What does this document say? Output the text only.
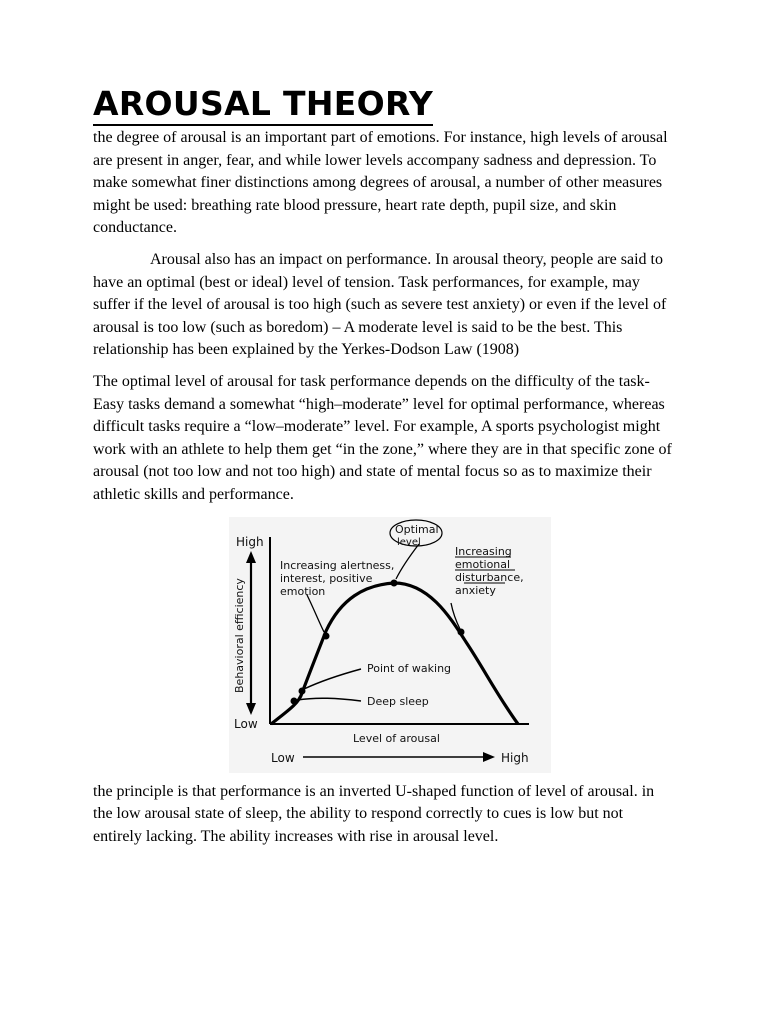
AROUSAL THEORY

the degree of arousal is an important part of emotions. For instance, high levels of arousal are present in anger, fear, and while lower levels accompany sadness and depression. To make somewhat finer distinctions among degrees of arousal, a number of other measures might be used: breathing rate blood pressure, heart rate depth, pupil size, and skin conductance.

Arousal also has an impact on performance. In arousal theory, people are said to have an optimal (best or ideal) level of tension. Task performances, for example, may suffer if the level of arousal is too high (such as severe test anxiety) or even if the level of arousal is too low (such as boredom) – A moderate level is said to be the best. This relationship has been explained by the Yerkes-Dodson Law (1908)

The optimal level of arousal for task performance depends on the difficulty of the task- Easy tasks demand a somewhat “high–moderate” level for optimal performance, whereas difficult tasks require a “low–moderate” level. For example, A sports psychologist might work with an athlete to help them get “in the zone,” where they are in that specific zone of arousal (not too low and not too high) and state of mental focus so as to maximize their athletic skills and performance.

High
Low
Behavioral efficiency
Optimal
level
Increasing alertness,
interest, positive
emotion
Increasing
emotional
disturbance,
anxiety
Point of waking
Deep sleep
Level of arousal
Low	High

the principle is that performance is an inverted U-shaped function of level of arousal. in the low arousal state of sleep, the ability to respond correctly to cues is low but not entirely lacking. The ability increases with rise in arousal level.
